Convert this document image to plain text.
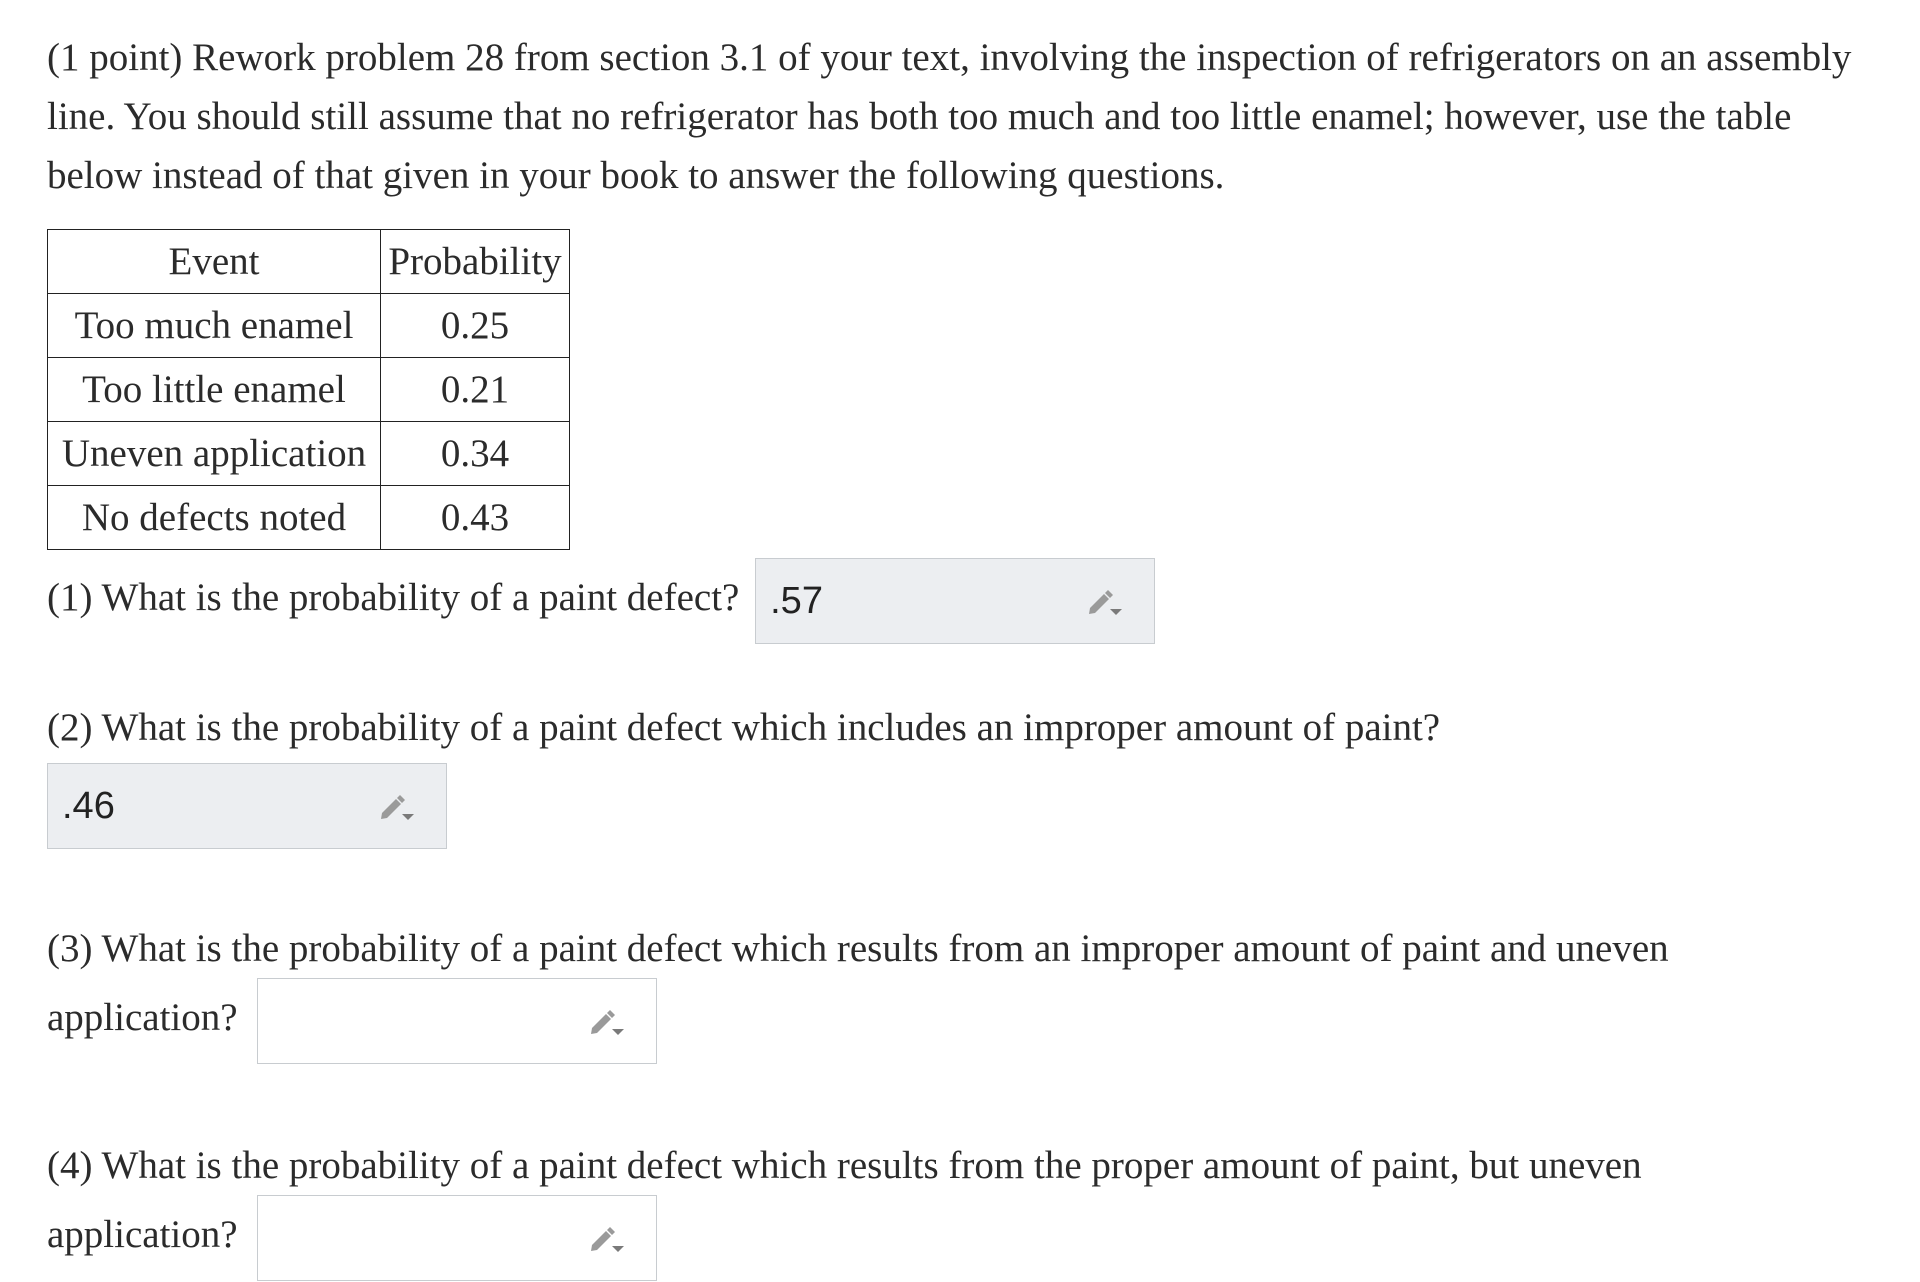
(1 point) Rework problem 28 from section 3.1 of your text, involving the inspection of refrigerators on an assembly line. You should still assume that no refrigerator has both too much and too little enamel; however, use the table below instead of that given in your book to answer the following questions.

Event	Probability
Too much enamel	0.25
Too little enamel	0.21
Uneven application	0.34
No defects noted	0.43
(1) What is the probability of a paint defect? .57
(2) What is the probability of a paint defect which includes an improper amount of paint?
.46
(3) What is the probability of a paint defect which results from an improper amount of paint and uneven
application?
(4) What is the probability of a paint defect which results from the proper amount of paint, but uneven
application?
